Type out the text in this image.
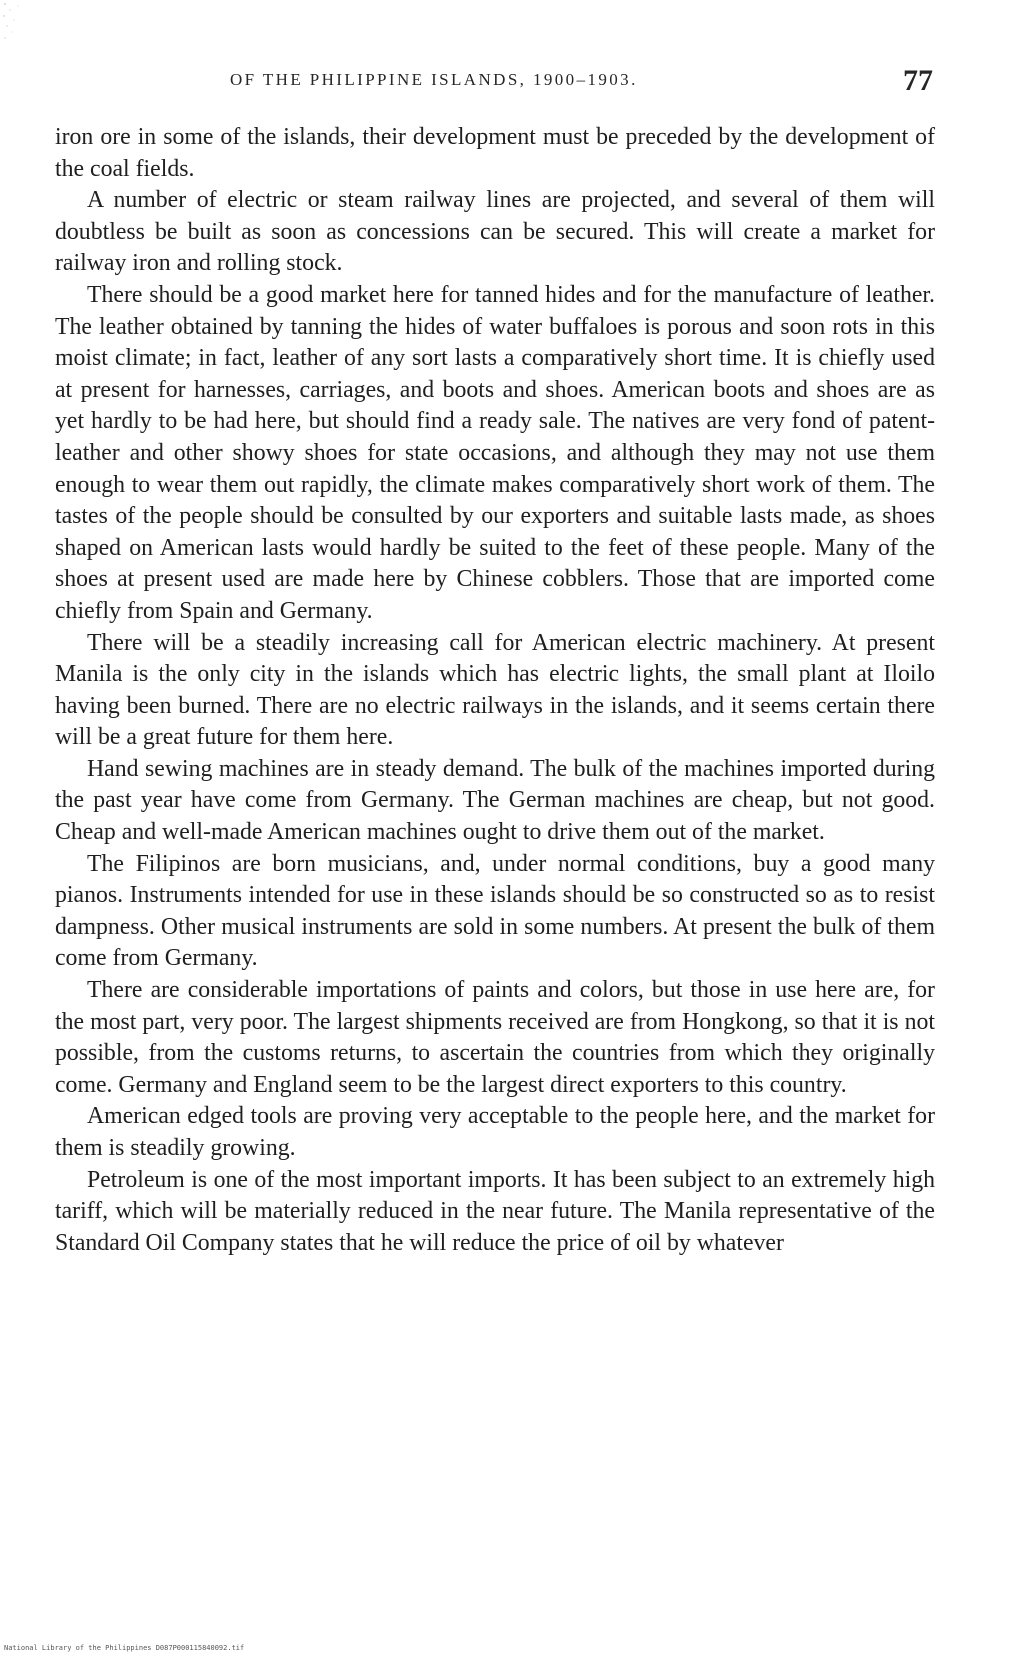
OF THE PHILIPPINE ISLANDS, 1900–1903.	77

iron ore in some of the islands, their development must be preceded by the development of the coal fields.

A number of electric or steam railway lines are projected, and several of them will doubtless be built as soon as concessions can be secured. This will create a market for railway iron and rolling stock.

There should be a good market here for tanned hides and for the manufacture of leather. The leather obtained by tanning the hides of water buffaloes is porous and soon rots in this moist climate; in fact, leather of any sort lasts a comparatively short time. It is chiefly used at present for harnesses, carriages, and boots and shoes. American boots and shoes are as yet hardly to be had here, but should find a ready sale. The natives are very fond of patent-leather and other showy shoes for state occasions, and although they may not use them enough to wear them out rapidly, the climate makes comparatively short work of them. The tastes of the people should be consulted by our exporters and suitable lasts made, as shoes shaped on American lasts would hardly be suited to the feet of these people. Many of the shoes at present used are made here by Chinese cobblers. Those that are imported come chiefly from Spain and Germany.

There will be a steadily increasing call for American electric machinery. At present Manila is the only city in the islands which has electric lights, the small plant at Iloilo having been burned. There are no electric railways in the islands, and it seems certain there will be a great future for them here.

Hand sewing machines are in steady demand. The bulk of the machines imported during the past year have come from Germany. The German machines are cheap, but not good. Cheap and well-made American machines ought to drive them out of the market.

The Filipinos are born musicians, and, under normal conditions, buy a good many pianos. Instruments intended for use in these islands should be so constructed so as to resist dampness. Other musical instruments are sold in some numbers. At present the bulk of them come from Germany.

There are considerable importations of paints and colors, but those in use here are, for the most part, very poor. The largest shipments received are from Hongkong, so that it is not possible, from the customs returns, to ascertain the countries from which they originally come. Germany and England seem to be the largest direct exporters to this country.

American edged tools are proving very acceptable to the people here, and the market for them is steadily growing.

Petroleum is one of the most important imports. It has been subject to an extremely high tariff, which will be materially reduced in the near future. The Manila representative of the Standard Oil Company states that he will reduce the price of oil by whatever

National Library of the Philippines D087P000115840092.tif
